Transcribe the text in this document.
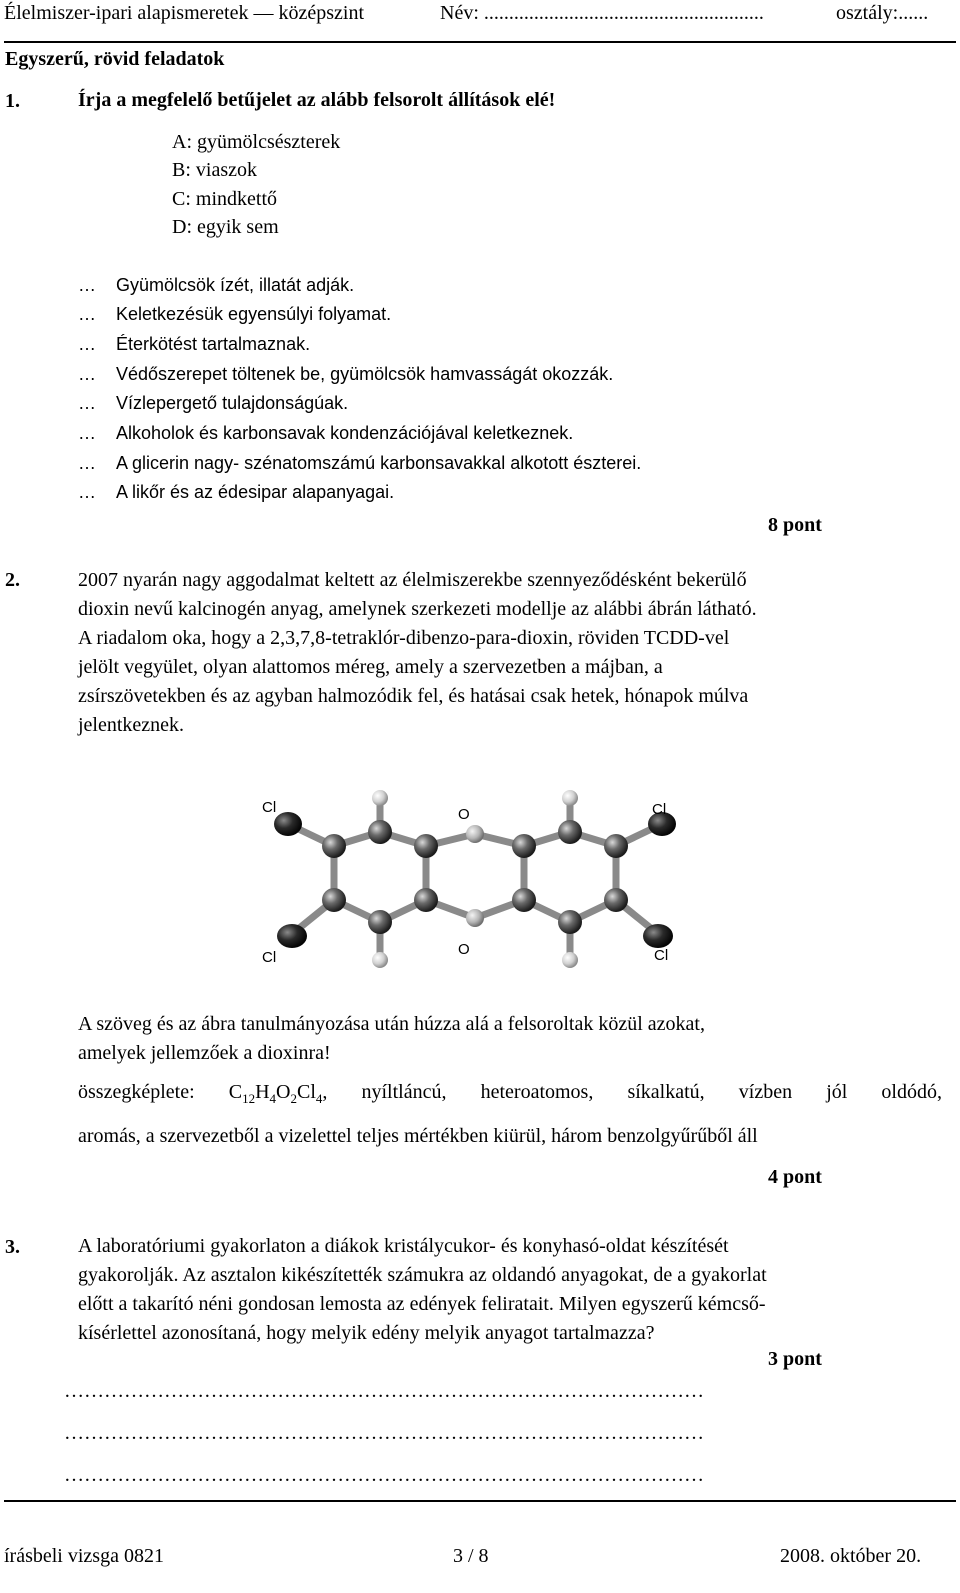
Élelmiszer-ipari alapismeretek — középszint	Név: ........................................................	osztály:......
Egyszerű, rövid feladatok
1.	Írja a megfelelő betűjelet az alább felsorolt állítások elé!
A: gyümölcsészterek
B: viaszok
C: mindkettő
D: egyik sem
… Gyümölcsök ízét, illatát adják.
… Keletkezésük egyensúlyi folyamat.
… Éterkötést tartalmaznak.
… Védőszerepet töltenek be, gyümölcsök hamvasságát okozzák.
… Vízlepergető tulajdonságúak.
… Alkoholok és karbonsavak kondenzációjával keletkeznek.
… A glicerin nagy- szénatomszámú karbonsavakkal alkotott észterei.
… A likőr és az édesipar alapanyagai.
8 pont
2.	2007 nyarán nagy aggodalmat keltett az élelmiszerekbe szennyeződésként bekerülő
dioxin nevű kalcinogén anyag, amelynek szerkezeti modellje az alábbi ábrán látható.
A riadalom oka, hogy a 2,3,7,8-tetraklór-dibenzo-para-dioxin, röviden TCDD-vel
jelölt vegyület, olyan alattomos méreg, amely a szervezetben a májban, a
zsírszövetekben és az agyban halmozódik fel, és hatásai csak hetek, hónapok múlva
jelentkeznek.
Cl	Cl
Cl	Cl
O
O
A szöveg és az ábra tanulmányozása után húzza alá a felsoroltak közül azokat,
amelyek jellemzőek a dioxinra!
összegképlete: $C_{12}H_4O_2Cl_4$, nyíltláncú, heteroatomos, síkalkatú, vízben jól oldódó,
aromás, a szervezetből a vizelettel teljes mértékben kiürül, három benzolgyűrűből áll
4 pont
3.	A laboratóriumi gyakorlaton a diákok kristálycukor- és konyhasó-oldat készítését
gyakorolják. Az asztalon kikészítették számukra az oldandó anyagokat, de a gyakorlat
előtt a takarító néni gondosan lemosta az edények feliratait. Milyen egyszerű kémcső-
kísérlettel azonosítaná, hogy melyik edény melyik anyagot tartalmazza?
3 pont
……………………………………………………………………………………
……………………………………………………………………………………
……………………………………………………………………………………
írásbeli vizsga 0821	3 / 8	2008. október 20.
